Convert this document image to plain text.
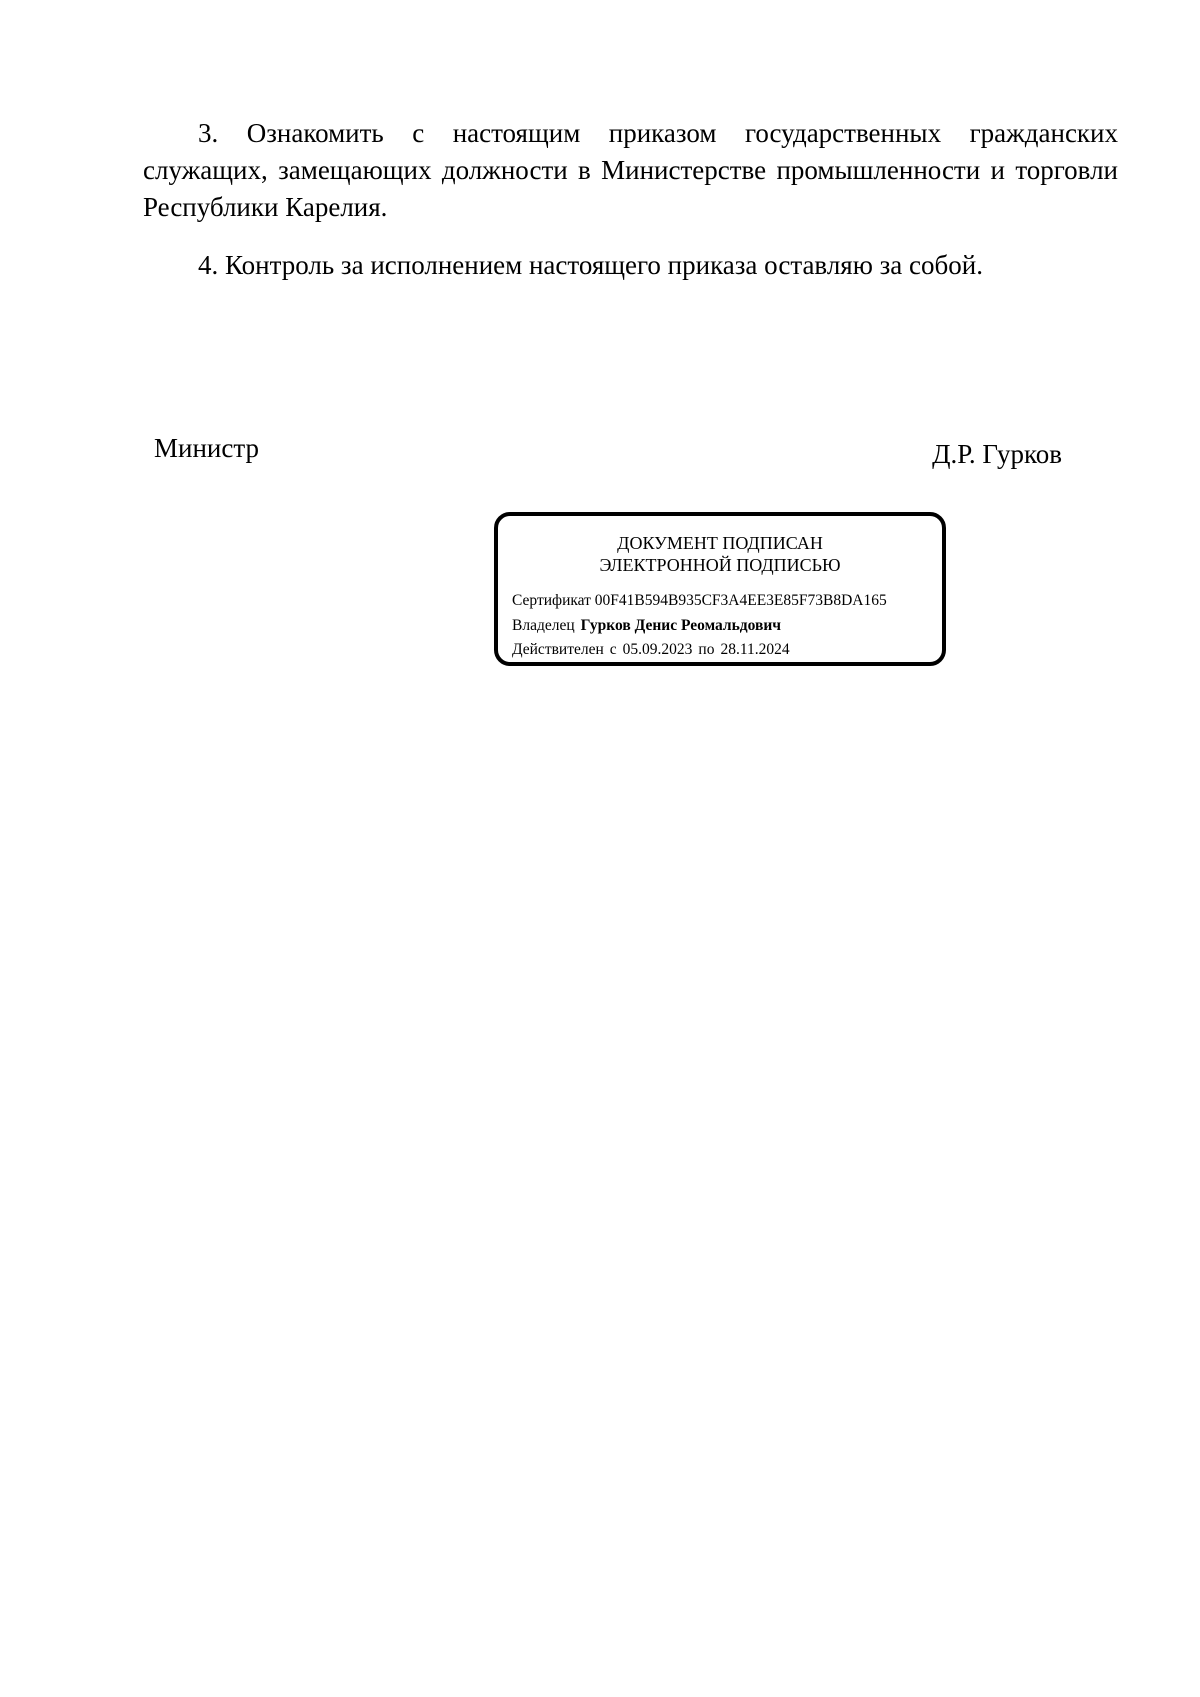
3. Ознакомить с настоящим приказом государственных гражданских служащих, замещающих должности в Министерстве промышленности и торговли Республики Карелия.

4. Контроль за исполнением настоящего приказа оставляю за собой.

Министр	Д.Р. Гурков
ДОКУМЕНТ ПОДПИСАН
ЭЛЕКТРОННОЙ ПОДПИСЬЮ
Сертификат 00F41B594B935CF3A4EE3E85F73B8DA165
Владелец Гурков Денис Реомальдович
Действителен с 05.09.2023 по 28.11.2024
